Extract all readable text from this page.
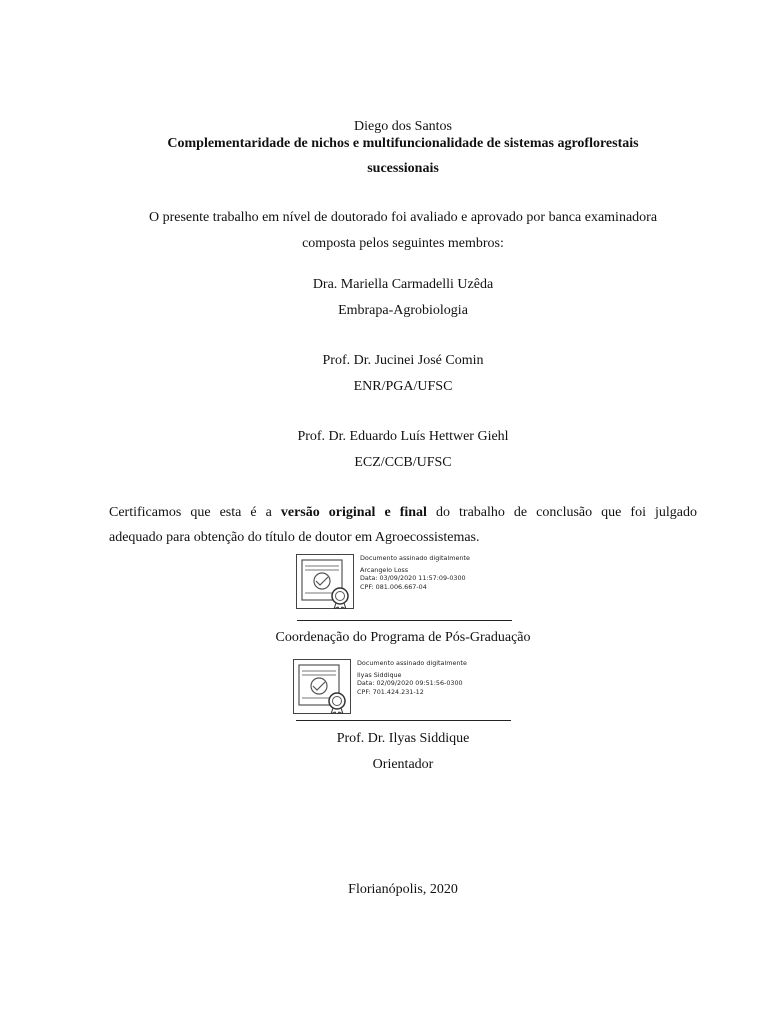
Diego dos Santos
Complementaridade de nichos e multifuncionalidade de sistemas agroflorestais
sucessionais
O presente trabalho em nível de doutorado foi avaliado e aprovado por banca examinadora
composta pelos seguintes membros:
Dra. Mariella Carmadelli Uzêda
Embrapa-Agrobiologia
Prof. Dr. Jucinei José Comin
ENR/PGA/UFSC
Prof. Dr. Eduardo Luís Hettwer Giehl
ECZ/CCB/UFSC
Certificamos que esta é a versão original e final do trabalho de conclusão que foi julgado
adequado para obtenção do título de doutor em Agroecossistemas.
Documento assinado digitalmente
Arcangelo Loss
Data: 03/09/2020 11:57:09-0300
CPF: 081.006.667-04
Coordenação do Programa de Pós-Graduação
Documento assinado digitalmente
Ilyas Siddique
Data: 02/09/2020 09:51:56-0300
CPF: 701.424.231-12
Prof. Dr. Ilyas Siddique
Orientador
Florianópolis, 2020
